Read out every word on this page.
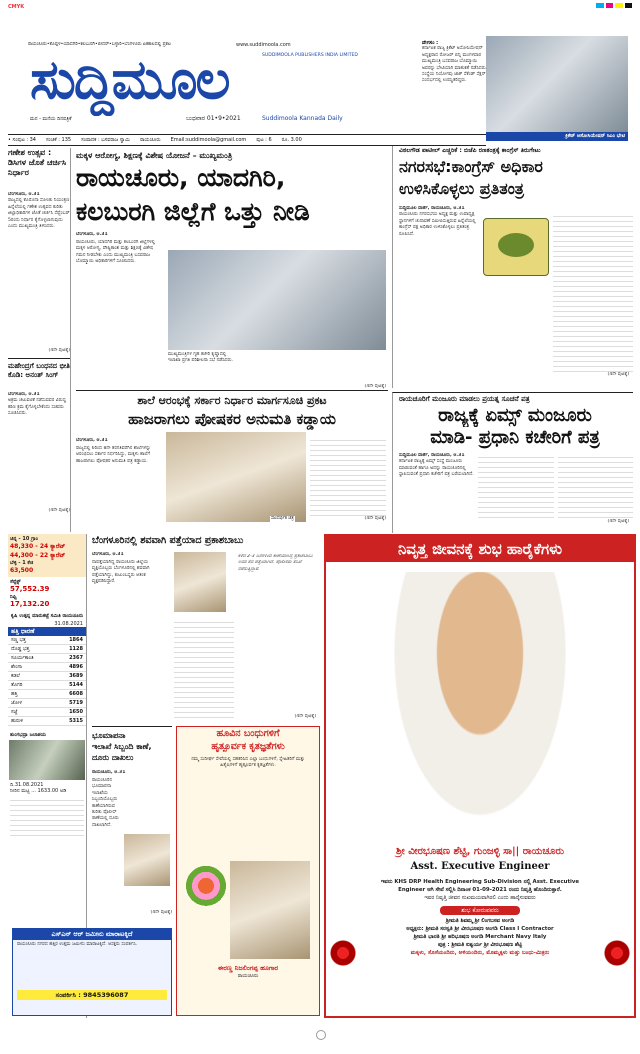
CMYK
ರಾಯಚೂರು•ಕೊಪ್ಪಳ•ಯಾದಗಿರಿ•ಕಲಬುರಗಿ•ಬೀದರ್•ಬಳ್ಳಾರಿ•ಬೆಂಗಳೂರು ಏಕಕಾಲದಲ್ಲಿ ಪ್ರಕಟ	www.suddimoola.com
ಸುದ್ದಿಮೂಲ	SUDDIMOOLA PUBLISHERS INDIA LIMITED
ಮನ - ಮನೆಯ ದಿನಪತ್ರಿಕೆ	ಬುಧವಾರ 01•9•2021	Suddimoola Kannada Daily
ವೇಗಸಂ :
ಕರ್ನಾಟಕ ರಾಜ್ಯ ಕ್ರಿಕೆಟ್ ಅಸೋಸಿಯೇಷನ್ ಅಧ್ಯಕ್ಷರಾದ ರೋಜರ್ ಬಿನ್ನಿ ಮಂಗಳವಾರ ಮುಖ್ಯಮಂತ್ರಿ ಬಸವರಾಜ ಬೊಮ್ಮಾಯಿ ಅವರನ್ನು ಭೇಟಿಯಾಗಿ ಮಾತುಕತೆ ನಡೆಸಿದರು. ಸಂಸ್ಥೆಯ ನಿಯೋಗವು ಜಾಕ್ ಸೆಕೆಂಡ್ ಸೆಕ್ಷನ್ ಸಂದರ್ಭದಲ್ಲಿ ಉಪಸ್ಥಿತರಿದ್ದರು.
ಕ್ರಿಕೆಟ್ ಅಸೋಸಿಯೇಷನ್ ಸಿಎಂ ಭೇಟಿ
• ಸಂಪುಟ : 34 ಸಂಚಿಕೆ : 135 ಸಂಪಾದಕ : ಬಸವರಾಜ ಸ್ವಾಮಿ ರಾಯಚೂರು Email:suddimoola@gmail.com ಪುಟ : 6 ರೂ. 3.00
ಗಣೇಶ ಉತ್ಸವ : ಡಿಸಿಗಳ ಜೊತೆ ಚರ್ಚಿಸಿ ನಿರ್ಧಾರ
ಬೆಂಗಳೂರು, ಆ.31
ರಾಜ್ಯದಲ್ಲಿ ಕೊರೊನಾ ಸೋಂಕು ನಿಯಂತ್ರಣ ಹಿನ್ನೆಲೆಯಲ್ಲಿ ಗಣೇಶ ಉತ್ಸವದ ಕುರಿತು ಜಿಲ್ಲಾಧಿಕಾರಿಗಳ ಜೊತೆ ಚರ್ಚಿಸಿ ಸೆಪ್ಟೆಂಬರ್ 5ರಂದು ನಿರ್ಧಾರ ಕೈಗೊಳ್ಳಲಾಗುವುದು ಎಂದು ಮುಖ್ಯಮಂತ್ರಿ ತಿಳಿಸಿದರು.
(4ನೇ ಪುಟಕ್ಕೆ)
ಮಹೇಂದ್ರಗೆ ಬಂಧನದ ಭೀತಿ ಕೊಡಿ: ಅನಂತ್ ಸಿಂಗ್
ಬೆಂಗಳೂರು, ಆ.31
ಅಕ್ರಮ ಚಟುವಟಿಕೆ ನಡೆಸುವವರ ವಿರುದ್ಧ ಕಠಿಣ ಕ್ರಮ ಕೈಗೊಳ್ಳಬೇಕೆಂದು ಸಚಿವರು ಸೂಚಿಸಿದರು.
(4ನೇ ಪುಟಕ್ಕೆ)
ಮಕ್ಕಳ ಆರೋಗ್ಯ, ಶಿಕ್ಷಣಕ್ಕೆ ವಿಶೇಷ ಯೋಜನೆ – ಮುಖ್ಯಮಂತ್ರಿ
ರಾಯಚೂರು, ಯಾದಗಿರಿ,
ಕಲಬುರಗಿ ಜಿಲ್ಲೆಗೆ ಒತ್ತು ನೀಡಿ
ಬೆಂಗಳೂರು, ಆ.31
ರಾಯಚೂರು, ಯಾದಗಿರಿ ಮತ್ತು ಕಲಬುರಗಿ ಜಿಲ್ಲೆಗಳಲ್ಲಿ ಮಕ್ಕಳ ಆರೋಗ್ಯ, ಪೌಷ್ಟಿಕಾಂಶ ಮತ್ತು ಶಿಕ್ಷಣಕ್ಕೆ ವಿಶೇಷ ಗಮನ ನೀಡಬೇಕು ಎಂದು ಮುಖ್ಯಮಂತ್ರಿ ಬಸವರಾಜ ಬೊಮ್ಮಾಯಿ ಅಧಿಕಾರಿಗಳಿಗೆ ಸೂಚಿಸಿದರು.
ಮುಖ್ಯಮಂತ್ರಿಗಳ ಗೃಹ ಕಚೇರಿ ಕೃಷ್ಣಾದಲ್ಲಿ ಇಲಾಖಾ ಪ್ರಗತಿ ಪರಿಶೀಲನಾ ಸಭೆ ನಡೆಸಿದರು.
(4ನೇ ಪುಟಕ್ಕೆ)
ವಿಠಲಗೌಡ ಪಾಟೀಲ್ ಎಚ್ಚರಿಕೆ : ಬಿಜೆಪಿ ರಣತಂತ್ರಕ್ಕೆ ಕಾಂಗ್ರೆಸ್ ತಿರುಗೇಟು
ನಗರಸಭೆ:ಕಾಂಗ್ರೆಸ್ ಅಧಿಕಾರ
ಉಳಿಸಿಕೊಳ್ಳಲು ಪ್ರತಿತಂತ್ರ
ಸುದ್ದಿಮೂಲ ವಾರ್ತೆ, ರಾಯಚೂರು, ಆ.31
ರಾಯಚೂರು ನಗರಸಭೆಯ ಅಧ್ಯಕ್ಷ ಮತ್ತು ಉಪಾಧ್ಯಕ್ಷ ಸ್ಥಾನಗಳಿಗೆ ಚುನಾವಣೆ ಸಮೀಪಿಸುತ್ತಿರುವ ಹಿನ್ನೆಲೆಯಲ್ಲಿ ಕಾಂಗ್ರೆಸ್ ಪಕ್ಷ ಅಧಿಕಾರ ಉಳಿಸಿಕೊಳ್ಳಲು ಪ್ರತಿತಂತ್ರ ರೂಪಿಸಿದೆ.
(4ನೇ ಪುಟಕ್ಕೆ)
ಶಾಲೆ ಆರಂಭಕ್ಕೆ ಸರ್ಕಾರ ನಿರ್ಧಾರ ಮಾರ್ಗಸೂಚಿ ಪ್ರಕಟ
ಹಾಜರಾಗಲು ಪೋಷಕರ ಅನುಮತಿ ಕಡ್ಡಾಯ
ಬೆಂಗಳೂರು, ಆ.31
ರಾಜ್ಯದಲ್ಲಿ 6ರಿಂದ 8ನೇ ತರಗತಿವರೆಗಿನ ಶಾಲೆಗಳನ್ನು ಆರಂಭಿಸಲು ಸರ್ಕಾರ ನಿರ್ಧರಿಸಿದ್ದು, ಮಕ್ಕಳು ಶಾಲೆಗೆ ಹಾಜರಾಗಲು ಪೋಷಕರ ಅನುಮತಿ ಪತ್ರ ಕಡ್ಡಾಯ.
ಸಾಂದರ್ಭಿಕ ಚಿತ್ರ	(4ನೇ ಪುಟಕ್ಕೆ)
ರಾಯಚೂರಿಗೆ ಮಂಜೂರು ಮಾಡಲು ಪ್ರಯತ್ನ ಸೂಚನೆ ಪತ್ರ
ರಾಜ್ಯಕ್ಕೆ ಏಮ್ಸ್ ಮಂಜೂರು
ಮಾಡಿ- ಪ್ರಧಾನಿ ಕಚೇರಿಗೆ ಪತ್ರ
ಸುದ್ದಿಮೂಲ ವಾರ್ತೆ, ರಾಯಚೂರು, ಆ.31
ಕರ್ನಾಟಕ ರಾಜ್ಯಕ್ಕೆ ಏಮ್ಸ್ ಸಂಸ್ಥೆ ಮಂಜೂರು ಮಾಡುವಂತೆ ಹಾಗೂ ಅದನ್ನು ರಾಯಚೂರಿನಲ್ಲಿ ಸ್ಥಾಪಿಸುವಂತೆ ಪ್ರಧಾನಿ ಕಚೇರಿಗೆ ಪತ್ರ ಬರೆಯಲಾಗಿದೆ.
(4ನೇ ಪುಟಕ್ಕೆ)
ಚಿನ್ನ - 10 ಗ್ರಾಂ
48,330 - 24 ಕ್ಯಾರೆಟ್
44,300 - 22 ಕ್ಯಾರೆಟ್
ಬೆಳ್ಳಿ - 1 ಕೆಜಿ
63,500
ಸೆನ್ಸೆಕ್ಸ್
57,552.39
ನಿಫ್ಟಿ
17,132.20
ಕೃಷಿ ಉತ್ಪನ್ನ ಮಾರುಕಟ್ಟೆ ಸಮಿತಿ ರಾಯಚೂರು
31.08.2021
ಹತ್ತಿ ಧಾರಣೆ
ಸಣ್ಣ ಭತ್ತ	1864
ದೊಡ್ಡ ಭತ್ತ	1128
ಸೂರ್ಯಕಾಂತಿ	2367
ಶೇಂಗಾ	4896
ಕಡಲೆ	3689
ತೊಗರಿ	5144
ಹತ್ತಿ	6608
ಜೋಳ	5719
ಸಜ್ಜೆ	1650
ಹುರುಳಿ	5315
ತುಂಗಭದ್ರಾ ಜಲಾಶಯ
ದಿ.31.08.2021
ನೀರಿನ ಮಟ್ಟ ... 1633.00 ಅಡಿ
ಬೆಂಗಳೂರಿನಲ್ಲಿ ಶವವಾಗಿ ಪತ್ತೆಯಾದ ಪ್ರಕಾಶಬಾಬು
ಬೆಂಗಳೂರು, ಆ.31
ನಾಪತ್ತೆಯಾಗಿದ್ದ ರಾಯಚೂರು ಜಿಲ್ಲೆಯ ವ್ಯಕ್ತಿಯೊಬ್ಬರು ಬೆಂಗಳೂರಿನಲ್ಲಿ ಶವವಾಗಿ ಪತ್ತೆಯಾಗಿದ್ದು, ಕುಟುಂಬಸ್ಥರು ಆತಂಕ ವ್ಯಕ್ತಪಡಿಸಿದ್ದಾರೆ.
ಕಳೆದ 2-3 ದಿನಗಳಿಂದ ಕಾಣೆಯಾಗಿದ್ದ ಪ್ರಕಾಶಬಾಬು ಅವರ ಶವ ಪತ್ತೆಯಾಗಿದೆ. ಪೊಲೀಸರು ತನಿಖೆ ನಡೆಸುತ್ತಿದ್ದಾರೆ.
(4ನೇ ಪುಟಕ್ಕೆ)
ಭೂಮಾಪನಾ
ಇಲಾಖೆ ಸಿಬ್ಬಂದಿ ಕಾಣೆ,
ದೂರು ದಾಖಲು
ರಾಯಚೂರು, ಆ.31
ರಾಯಚೂರಿನ ಭೂಮಾಪನಾ ಇಲಾಖೆಯ ಸಿಬ್ಬಂದಿಯೊಬ್ಬರು ಕಾಣೆಯಾಗಿರುವ ಕುರಿತು ಪೊಲೀಸ್ ಠಾಣೆಯಲ್ಲಿ ದೂರು ದಾಖಲಾಗಿದೆ.
(4ನೇ ಪುಟಕ್ಕೆ)
ಎಸ್‌ಎನ್ ಆರ್ ಜಮೀನು ಮಾರಾಟಕ್ಕಿದೆ
ರಾಯಚೂರು ನಗರದ ಹತ್ತಿರ ಉತ್ತಮ ಜಮೀನು ಮಾರಾಟಕ್ಕಿದೆ. ಆಸಕ್ತರು ಸಂಪರ್ಕಿಸಿ.
ಸಂಪರ್ಕಿಸಿ : 9845396087
ಹೂವಿನ ಬಂಧುಗಳಿಗೆ
ಹೃತ್ಪೂರ್ವಕ ಕೃತಜ್ಞತೆಗಳು
ನಮ್ಮ ಸುದೀರ್ಘ ಸೇವೆಯಲ್ಲಿ ಸಹಕರಿಸಿದ ಎಲ್ಲಾ ಬಂಧುಗಳಿಗೆ, ಸ್ನೇಹಿತರಿಗೆ ಮತ್ತು ಹಿತೈಷಿಗಳಿಗೆ ಹೃತ್ಪೂರ್ವಕ ಕೃತಜ್ಞತೆಗಳು.
ಈರಣ್ಣ ನಿಜಲಿಂಗಪ್ಪ ಹೂಗಾರ
ರಾಯಚೂರು
ನಿವೃತ್ತ ಜೀವನಕ್ಕೆ ಶುಭ ಹಾರೈಕೆಗಳು
ಶ್ರೀ ವೀರಭೂಷಣ ಶೆಟ್ಟಿ, ಗುಂಜಳ್ಳಿ ಸಾ|| ರಾಯಚೂರು
Asst. Executive Engineer
ಇವರು KHS DRP Health Engineering Sub-Division ನಲ್ಲಿ Asst. Executive
Engineer ಆಗಿ ಸೇವೆ ಸಲ್ಲಿಸಿ ದಿನಾಂಕ 01-09-2021 ರಂದು ನಿವೃತ್ತಿ ಹೊಂದಿರುತ್ತಾರೆ.
ಇವರ ನಿವೃತ್ತಿ ಜೀವನ ಸುಖಮಯವಾಗಿರಲಿ ಎಂದು ಹಾರೈಸುವವರು
ಶುಭ ಕೋರುವವರು
ಶ್ರೀಮತಿ ಶಿವಮ್ಮ ಶ್ರೀ ಲಿಂಗಬಸವ ಅಂಗಡಿ
ಅಧ್ಯಕ್ಷರು: ಶ್ರೀಮತಿ ಸರಸ್ವತಿ ಶ್ರೀ ವೀರಭೂಷಣ ಅಂಗಡಿ Class I Contractor
ಶ್ರೀಮತಿ ಭಾರತಿ ಶ್ರೀ ಹರಿಭೂಷಣ ಅಂಗಡಿ Merchant Navy Italy
ಪುತ್ರ : ಶ್ರೀಮತಿ ಐಶ್ವರ್ಯ ಶ್ರೀ ವೀರಭೂಷಣ ಶೆಟ್ಟಿ
ಮಕ್ಕಳು, ಸೊಸೆಯಂದಿರು, ಅಳಿಯಂದಿರು, ಮೊಮ್ಮಕ್ಕಳು ಮತ್ತು ಬಂಧು-ಮಿತ್ರರು
